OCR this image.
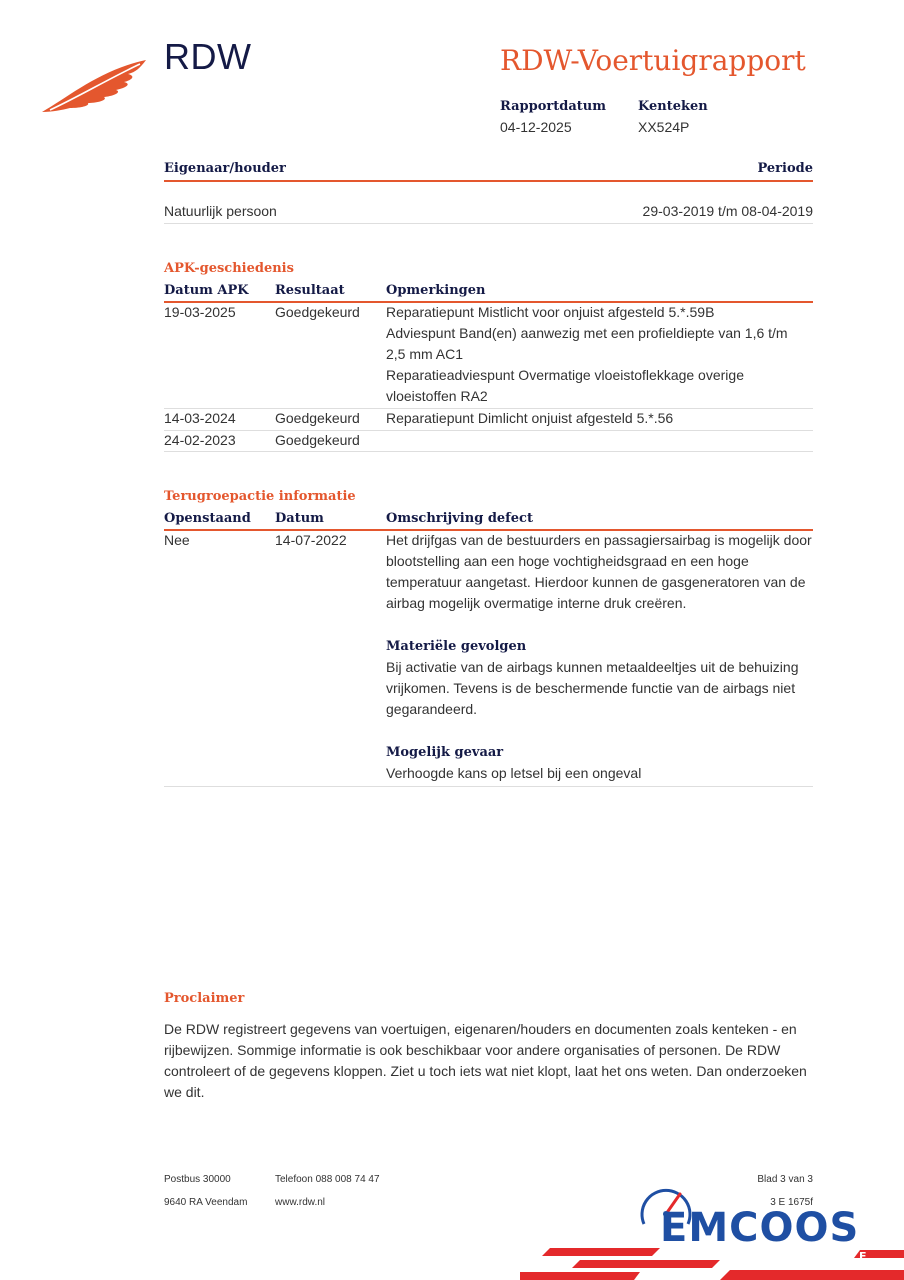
RDW	RDW-Voertuigrapport
Rapportdatum
04-12-2025
Kenteken
XX524P
Eigenaar/houder	Periode
Natuurlijk persoon	29-03-2019 t/m 08-04-2019
APK-geschiedenis
Datum APK Resultaat	Opmerkingen
19-03-2025	Goedgekeurd Reparatiepunt Mistlicht voor onjuist afgesteld 5.*.59B
Adviespunt Band(en) aanwezig met een profieldiepte van 1,6 t/m
2,5 mm AC1
Reparatieadviespunt Overmatige vloeistoflekkage overige
vloeistoffen RA2
14-03-2024	Goedgekeurd Reparatiepunt Dimlicht onjuist afgesteld 5.*.56
24-02-2023	Goedgekeurd
Terugroepactie informatie
Openstaand Datum	Omschrijving defect
Nee	14-07-2022	Het drijfgas van de bestuurders en passagiersairbag is mogelijk door
blootstelling aan een hoge vochtigheidsgraad en een hoge
temperatuur aangetast. Hierdoor kunnen de gasgeneratoren van de
airbag mogelijk overmatige interne druk creëren.
Materiële gevolgen
Bij activatie van de airbags kunnen metaaldeeltjes uit de behuizing
vrijkomen. Tevens is de beschermende functie van de airbags niet
gegarandeerd.
Mogelijk gevaar
Verhoogde kans op letsel bij een ongeval
Proclaimer
De RDW registreert gegevens van voertuigen, eigenaren/houders en documenten zoals kenteken - en
rijbewijzen. Sommige informatie is ook beschikbaar voor andere organisaties of personen. De RDW
controleert of de gegevens kloppen. Ziet u toch iets wat niet klopt, laat het ons weten. Dan onderzoeken
we dit.
Postbus 30000
9640 RA Veendam
Telefoon 088 008 74 47
www.rdw.nl
Blad 3 van 3
3 E 1675f
EMCOOS
AUTOMOBIELBEDRIJF
